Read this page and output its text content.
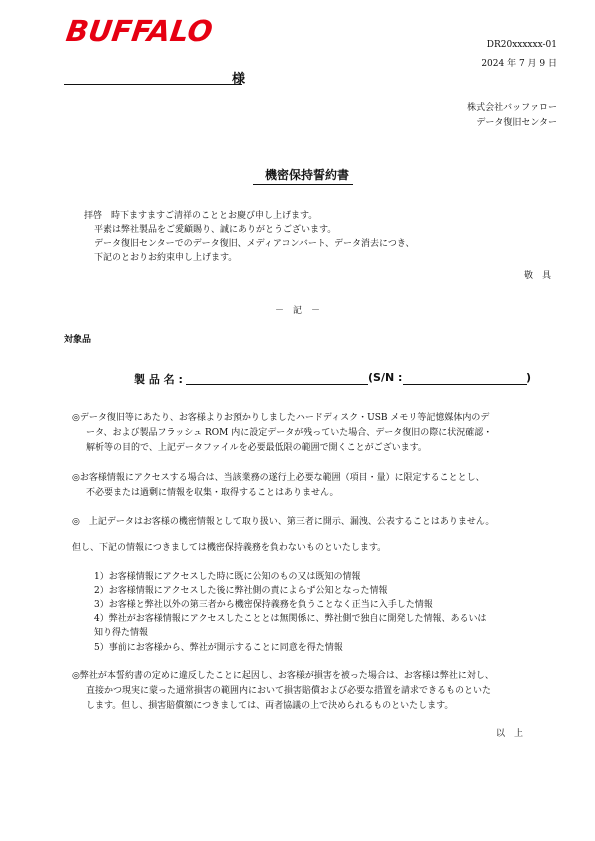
BUFFALO	DR20xxxxxx-01
2024 年 7 月 9 日
様
株式会社バッファロー
データ復旧センター
機密保持誓約書
拝啓　時下ますますご清祥のこととお慶び申し上げます。
平素は弊社製品をご愛顧賜り、誠にありがとうございます。
データ復旧センターでのデータ復旧、メディアコンバート、データ消去につき、
下記のとおりお約束申し上げます。
敬　具
－　記　－
対象品
製 品 名 :	(S/N :	)
◎データ復旧等にあたり、お客様よりお預かりしましたハードディスク・USB メモリ等記憶媒体内のデ
ータ、および製品フラッシュ ROM 内に設定データが残っていた場合、データ復旧の際に状況確認・
解析等の目的で、上記データファイルを必要最低限の範囲で開くことがございます。
◎お客様情報にアクセスする場合は、当該業務の遂行上必要な範囲（項目・量）に限定することとし、
不必要または過剰に情報を収集・取得することはありません。
◎　上記データはお客様の機密情報として取り扱い、第三者に開示、漏洩、公表することはありません。
但し、下記の情報につきましては機密保持義務を負わないものといたします。
1）お客様情報にアクセスした時に既に公知のもの又は既知の情報
2）お客様情報にアクセスした後に弊社側の責によらず公知となった情報
3）お客様と弊社以外の第三者から機密保持義務を負うことなく正当に入手した情報
4）弊社がお客様情報にアクセスしたこととは無関係に、弊社側で独自に開発した情報、あるいは
知り得た情報
5）事前にお客様から、弊社が開示することに同意を得た情報
◎弊社が本誓約書の定めに違反したことに起因し、お客様が損害を被った場合は、お客様は弊社に対し、
直接かつ現実に蒙った通常損害の範囲内において損害賠償および必要な措置を請求できるものといた
します。但し、損害賠償額につきましては、両者協議の上で決められるものといたします。
以　上
